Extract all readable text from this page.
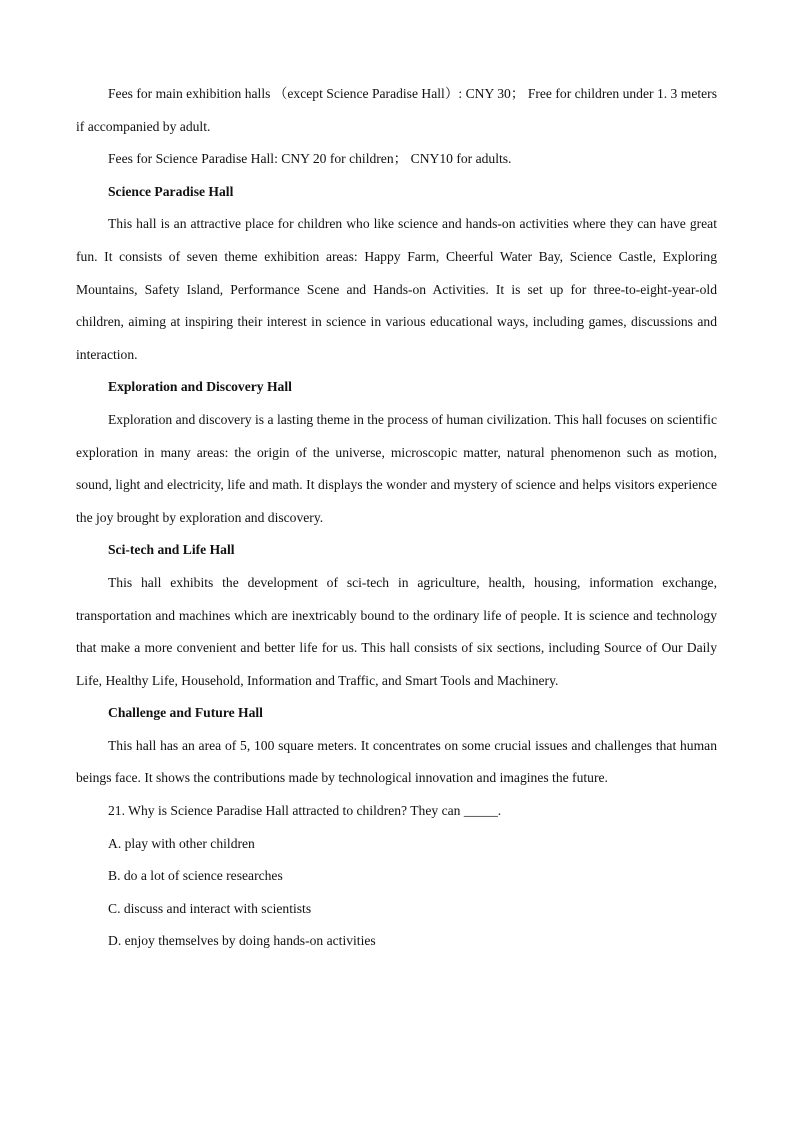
Fees for main exhibition halls （except Science Paradise Hall）: CNY 30； Free for children under 1. 3 meters if accompanied by adult.

Fees for Science Paradise Hall: CNY 20 for children； CNY10 for adults.

Science Paradise Hall

This hall is an attractive place for children who like science and hands-on activities where they can have great fun. It consists of seven theme exhibition areas: Happy Farm, Cheerful Water Bay, Science Castle, Exploring Mountains, Safety Island, Performance Scene and Hands-on Activities. It is set up for three-to-eight-year-old children, aiming at inspiring their interest in science in various educational ways, including games, discussions and interaction.

Exploration and Discovery Hall

Exploration and discovery is a lasting theme in the process of human civilization. This hall focuses on scientific exploration in many areas: the origin of the universe, microscopic matter, natural phenomenon such as motion, sound, light and electricity, life and math. It displays the wonder and mystery of science and helps visitors experience the joy brought by exploration and discovery.

Sci-tech and Life Hall

This hall exhibits the development of sci-tech in agriculture, health, housing, information exchange, transportation and machines which are inextricably bound to the ordinary life of people. It is science and technology that make a more convenient and better life for us. This hall consists of six sections, including Source of Our Daily Life, Healthy Life, Household, Information and Traffic, and Smart Tools and Machinery.

Challenge and Future Hall

This hall has an area of 5, 100 square meters. It concentrates on some crucial issues and challenges that human beings face. It shows the contributions made by technological innovation and imagines the future.

21. Why is Science Paradise Hall attracted to children? They can _____.

A. play with other children

B. do a lot of science researches

C. discuss and interact with scientists

D. enjoy themselves by doing hands-on activities
